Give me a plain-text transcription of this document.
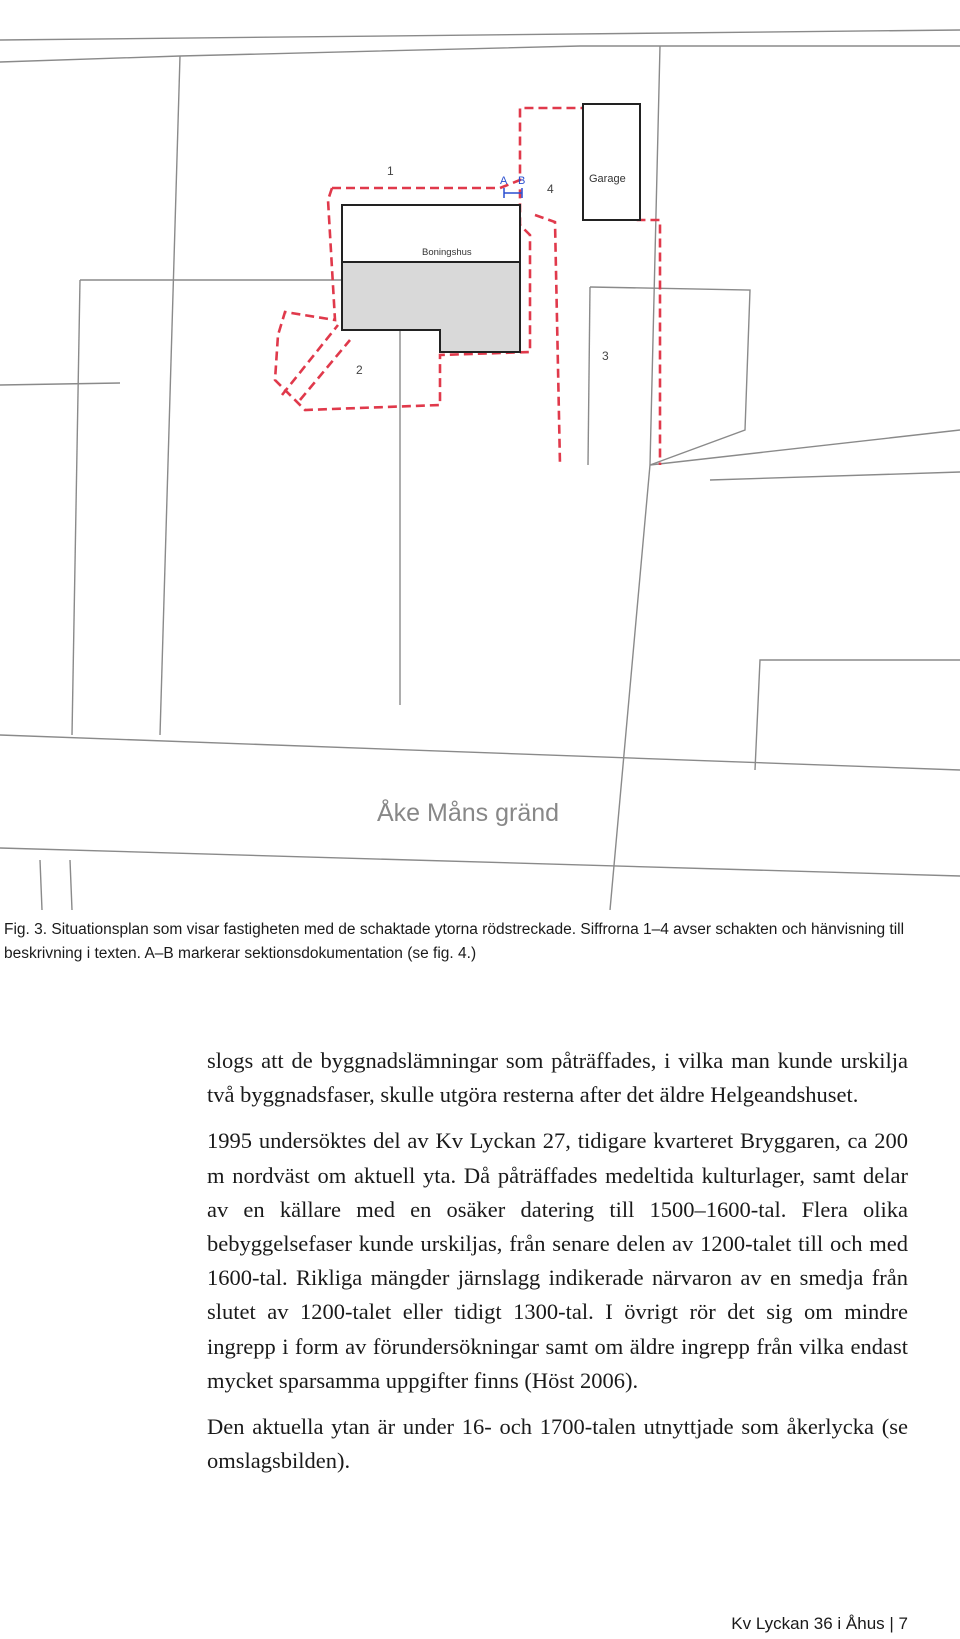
A B
1
2
3
4
Garage
Boningshus
Åke Måns gränd
Fig. 3. Situationsplan som visar fastigheten med de schaktade ytorna rödstreckade. Siffrorna 1–4 avser schakten och hänvisning till beskrivning i texten. A–B markerar sektionsdokumentation (se fig. 4.)

slogs att de byggnadslämningar som påträffades, i vilka man kunde urskilja två byggnadsfaser, skulle utgöra resterna after det äldre Helgeandshuset.

1995 undersöktes del av Kv Lyckan 27, tidigare kvarteret Bryggaren, ca 200 m nordväst om aktuell yta. Då påträffades medeltida kulturlager, samt delar av en källare med en osäker datering till 1500–1600-tal. Flera olika bebyggelsefaser kunde urskiljas, från senare delen av 1200-talet till och med 1600-tal. Rikliga mängder järnslagg indikerade närvaron av en smedja från slutet av 1200-talet eller tidigt 1300-tal. I övrigt rör det sig om mindre ingrepp i form av förundersökningar samt om äldre ingrepp från vilka endast mycket sparsamma uppgifter finns (Höst 2006).

Den aktuella ytan är under 16- och 1700-talen utnyttjade som åkerlycka (se omslagsbilden).

Kv Lyckan 36 i Åhus | 7
